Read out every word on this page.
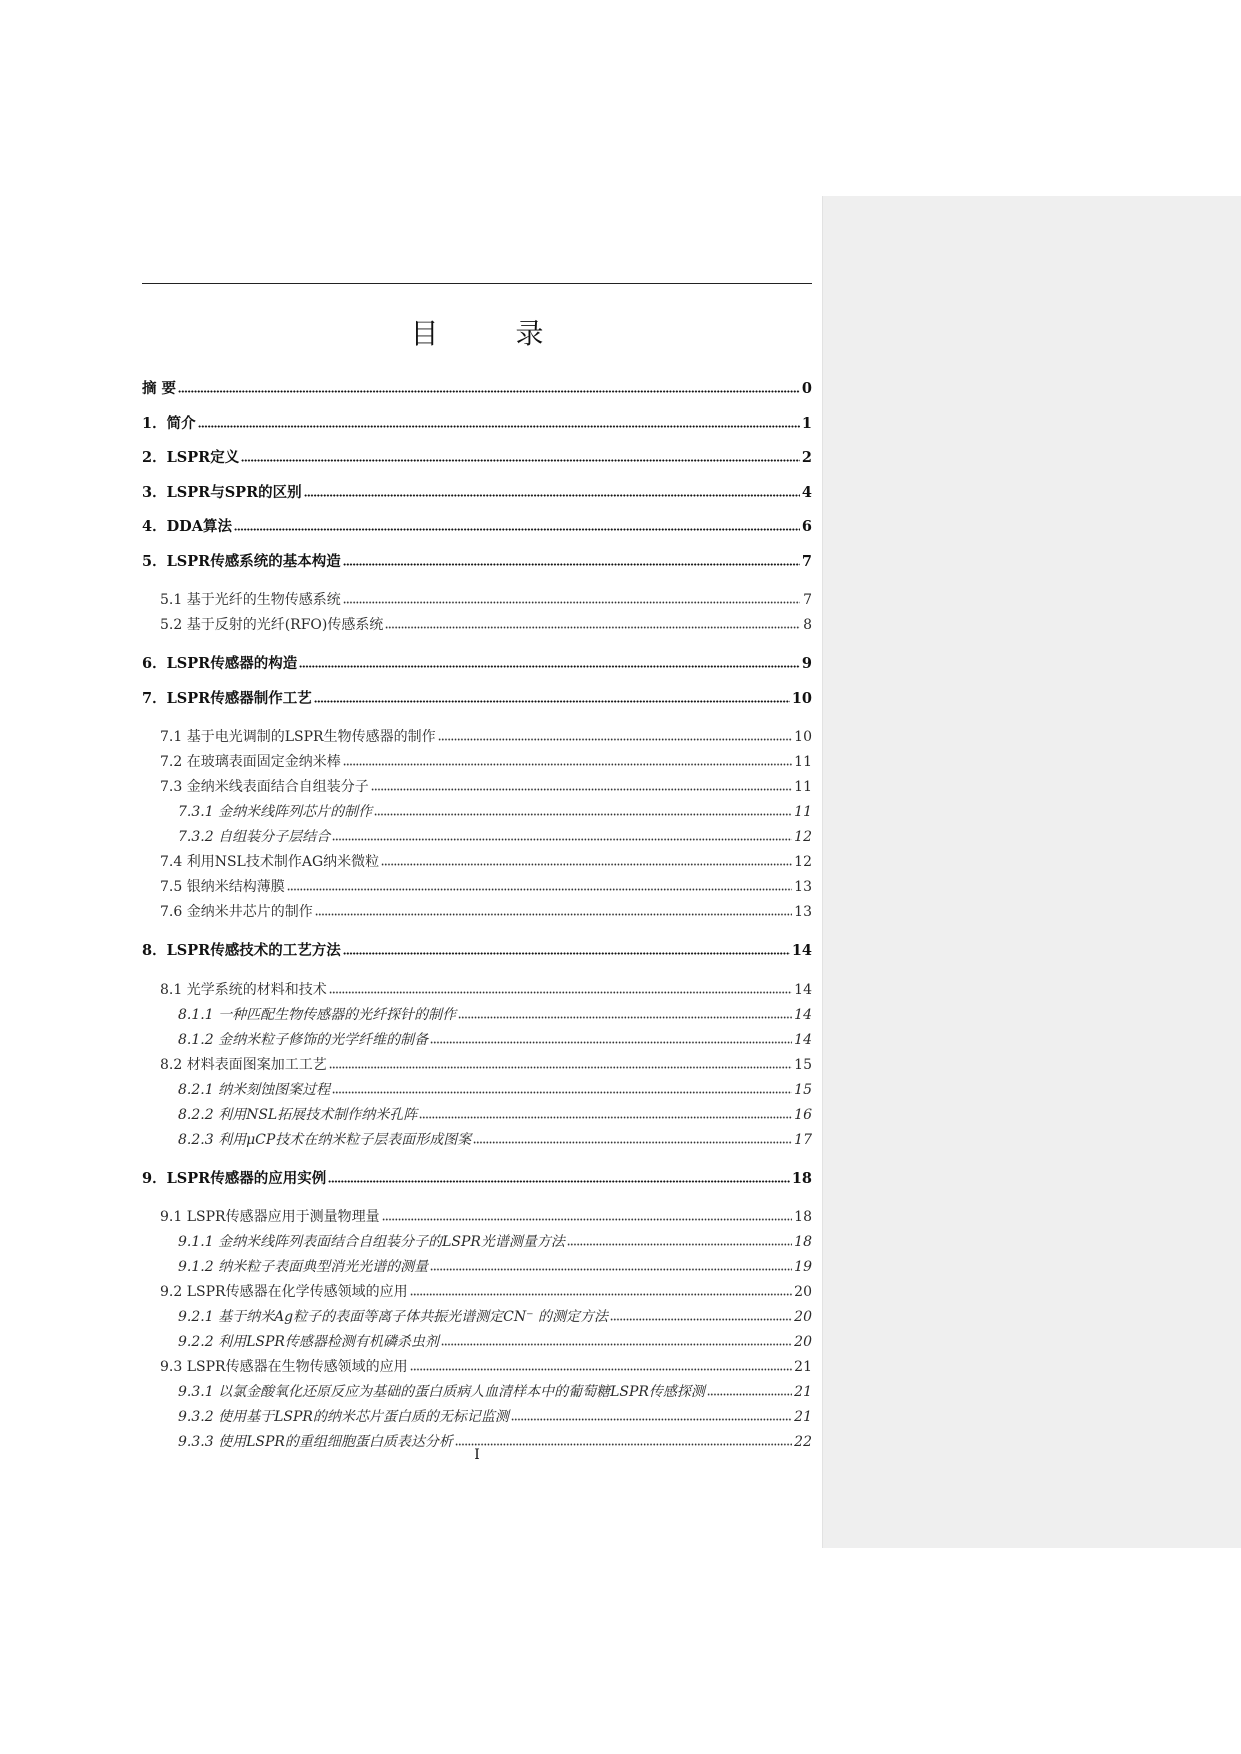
目 录
摘 要	0
1．简介	1
2．LSPR定义	2
3．LSPR与SPR的区别	4
4．DDA算法	6
5．LSPR传感系统的基本构造	7
5.1 基于光纤的生物传感系统	7
5.2 基于反射的光纤(RFO)传感系统	8
6．LSPR传感器的构造	9
7．LSPR传感器制作工艺	10
7.1 基于电光调制的LSPR生物传感器的制作	10
7.2 在玻璃表面固定金纳米棒	11
7.3 金纳米线表面结合自组装分子	11
7.3.1 金纳米线阵列芯片的制作	11
7.3.2 自组装分子层结合	12
7.4 利用NSL技术制作AG纳米微粒	12
7.5 银纳米结构薄膜	13
7.6 金纳米井芯片的制作	13
8．LSPR传感技术的工艺方法	14
8.1 光学系统的材料和技术	14
8.1.1 一种匹配生物传感器的光纤探针的制作	14
8.1.2 金纳米粒子修饰的光学纤维的制备	14
8.2 材料表面图案加工工艺	15
8.2.1 纳米刻蚀图案过程	15
8.2.2 利用NSL拓展技术制作纳米孔阵	16
8.2.3 利用μCP技术在纳米粒子层表面形成图案	17
9．LSPR传感器的应用实例	18
9.1 LSPR传感器应用于测量物理量	18
9.1.1 金纳米线阵列表面结合自组装分子的LSPR光谱测量方法	18
9.1.2 纳米粒子表面典型消光光谱的测量	19
9.2 LSPR传感器在化学传感领域的应用	20
9.2.1 基于纳米Ag粒子的表面等离子体共振光谱测定CN⁻ 的测定方法	20
9.2.2 利用LSPR传感器检测有机磷杀虫剂	20
9.3 LSPR传感器在生物传感领域的应用	21
9.3.1 以氯金酸氧化还原反应为基础的蛋白质病人血清样本中的葡萄糖LSPR传感探测	21
9.3.2 使用基于LSPR的纳米芯片蛋白质的无标记监测	21
9.3.3 使用LSPR的重组细胞蛋白质表达分析	22
I
